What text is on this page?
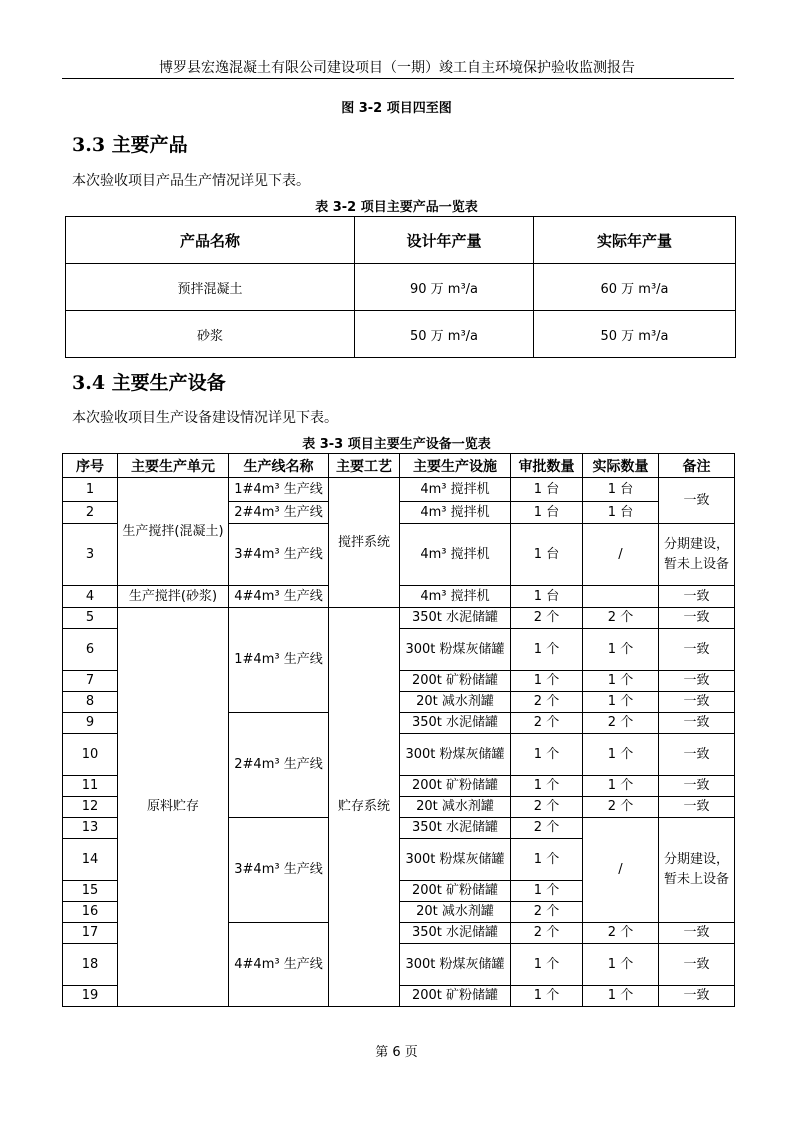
博罗县宏逸混凝土有限公司建设项目（一期）竣工自主环境保护验收监测报告
图 3-2 项目四至图
3.3 主要产品
本次验收项目产品生产情况详见下表。
表 3-2 项目主要产品一览表
产品名称	设计年产量	实际年产量
预拌混凝土	90 万 m³/a	60 万 m³/a
砂浆	50 万 m³/a	50 万 m³/a
3.4 主要生产设备
本次验收项目生产设备建设情况详见下表。
表 3-3 项目主要生产设备一览表
序号	主要生产单元	生产线名称	主要工艺	主要生产设施	审批数量	实际数量	备注
1	生产搅拌(混凝土)	1#4m³ 生产线	搅拌系统	4m³ 搅拌机	1 台	1 台	一致
2		2#4m³ 生产线		4m³ 搅拌机	1 台	1 台	
3		3#4m³ 生产线		4m³ 搅拌机	1 台	/	分期建设，暂未上设备
4	生产搅拌(砂浆)	4#4m³ 生产线		4m³ 搅拌机	1 台		一致
5	原料贮存	1#4m³ 生产线	贮存系统	350t 水泥储罐	2 个	2 个	一致
6				300t 粉煤灰储罐	1 个	1 个	一致
7				200t 矿粉储罐	1 个	1 个	一致
8				20t 减水剂罐	2 个	1 个	一致
9		2#4m³ 生产线		350t 水泥储罐	2 个	2 个	一致
10				300t 粉煤灰储罐	1 个	1 个	一致
11				200t 矿粉储罐	1 个	1 个	一致
12				20t 减水剂罐	2 个	2 个	一致
13		3#4m³ 生产线		350t 水泥储罐	2 个	/	分期建设，暂未上设备
14				300t 粉煤灰储罐	1 个		
15				200t 矿粉储罐	1 个		
16				20t 减水剂罐	2 个		
17		4#4m³ 生产线		350t 水泥储罐	2 个	2 个	一致
18				300t 粉煤灰储罐	1 个	1 个	一致
19				200t 矿粉储罐	1 个	1 个	一致
第 6 页
